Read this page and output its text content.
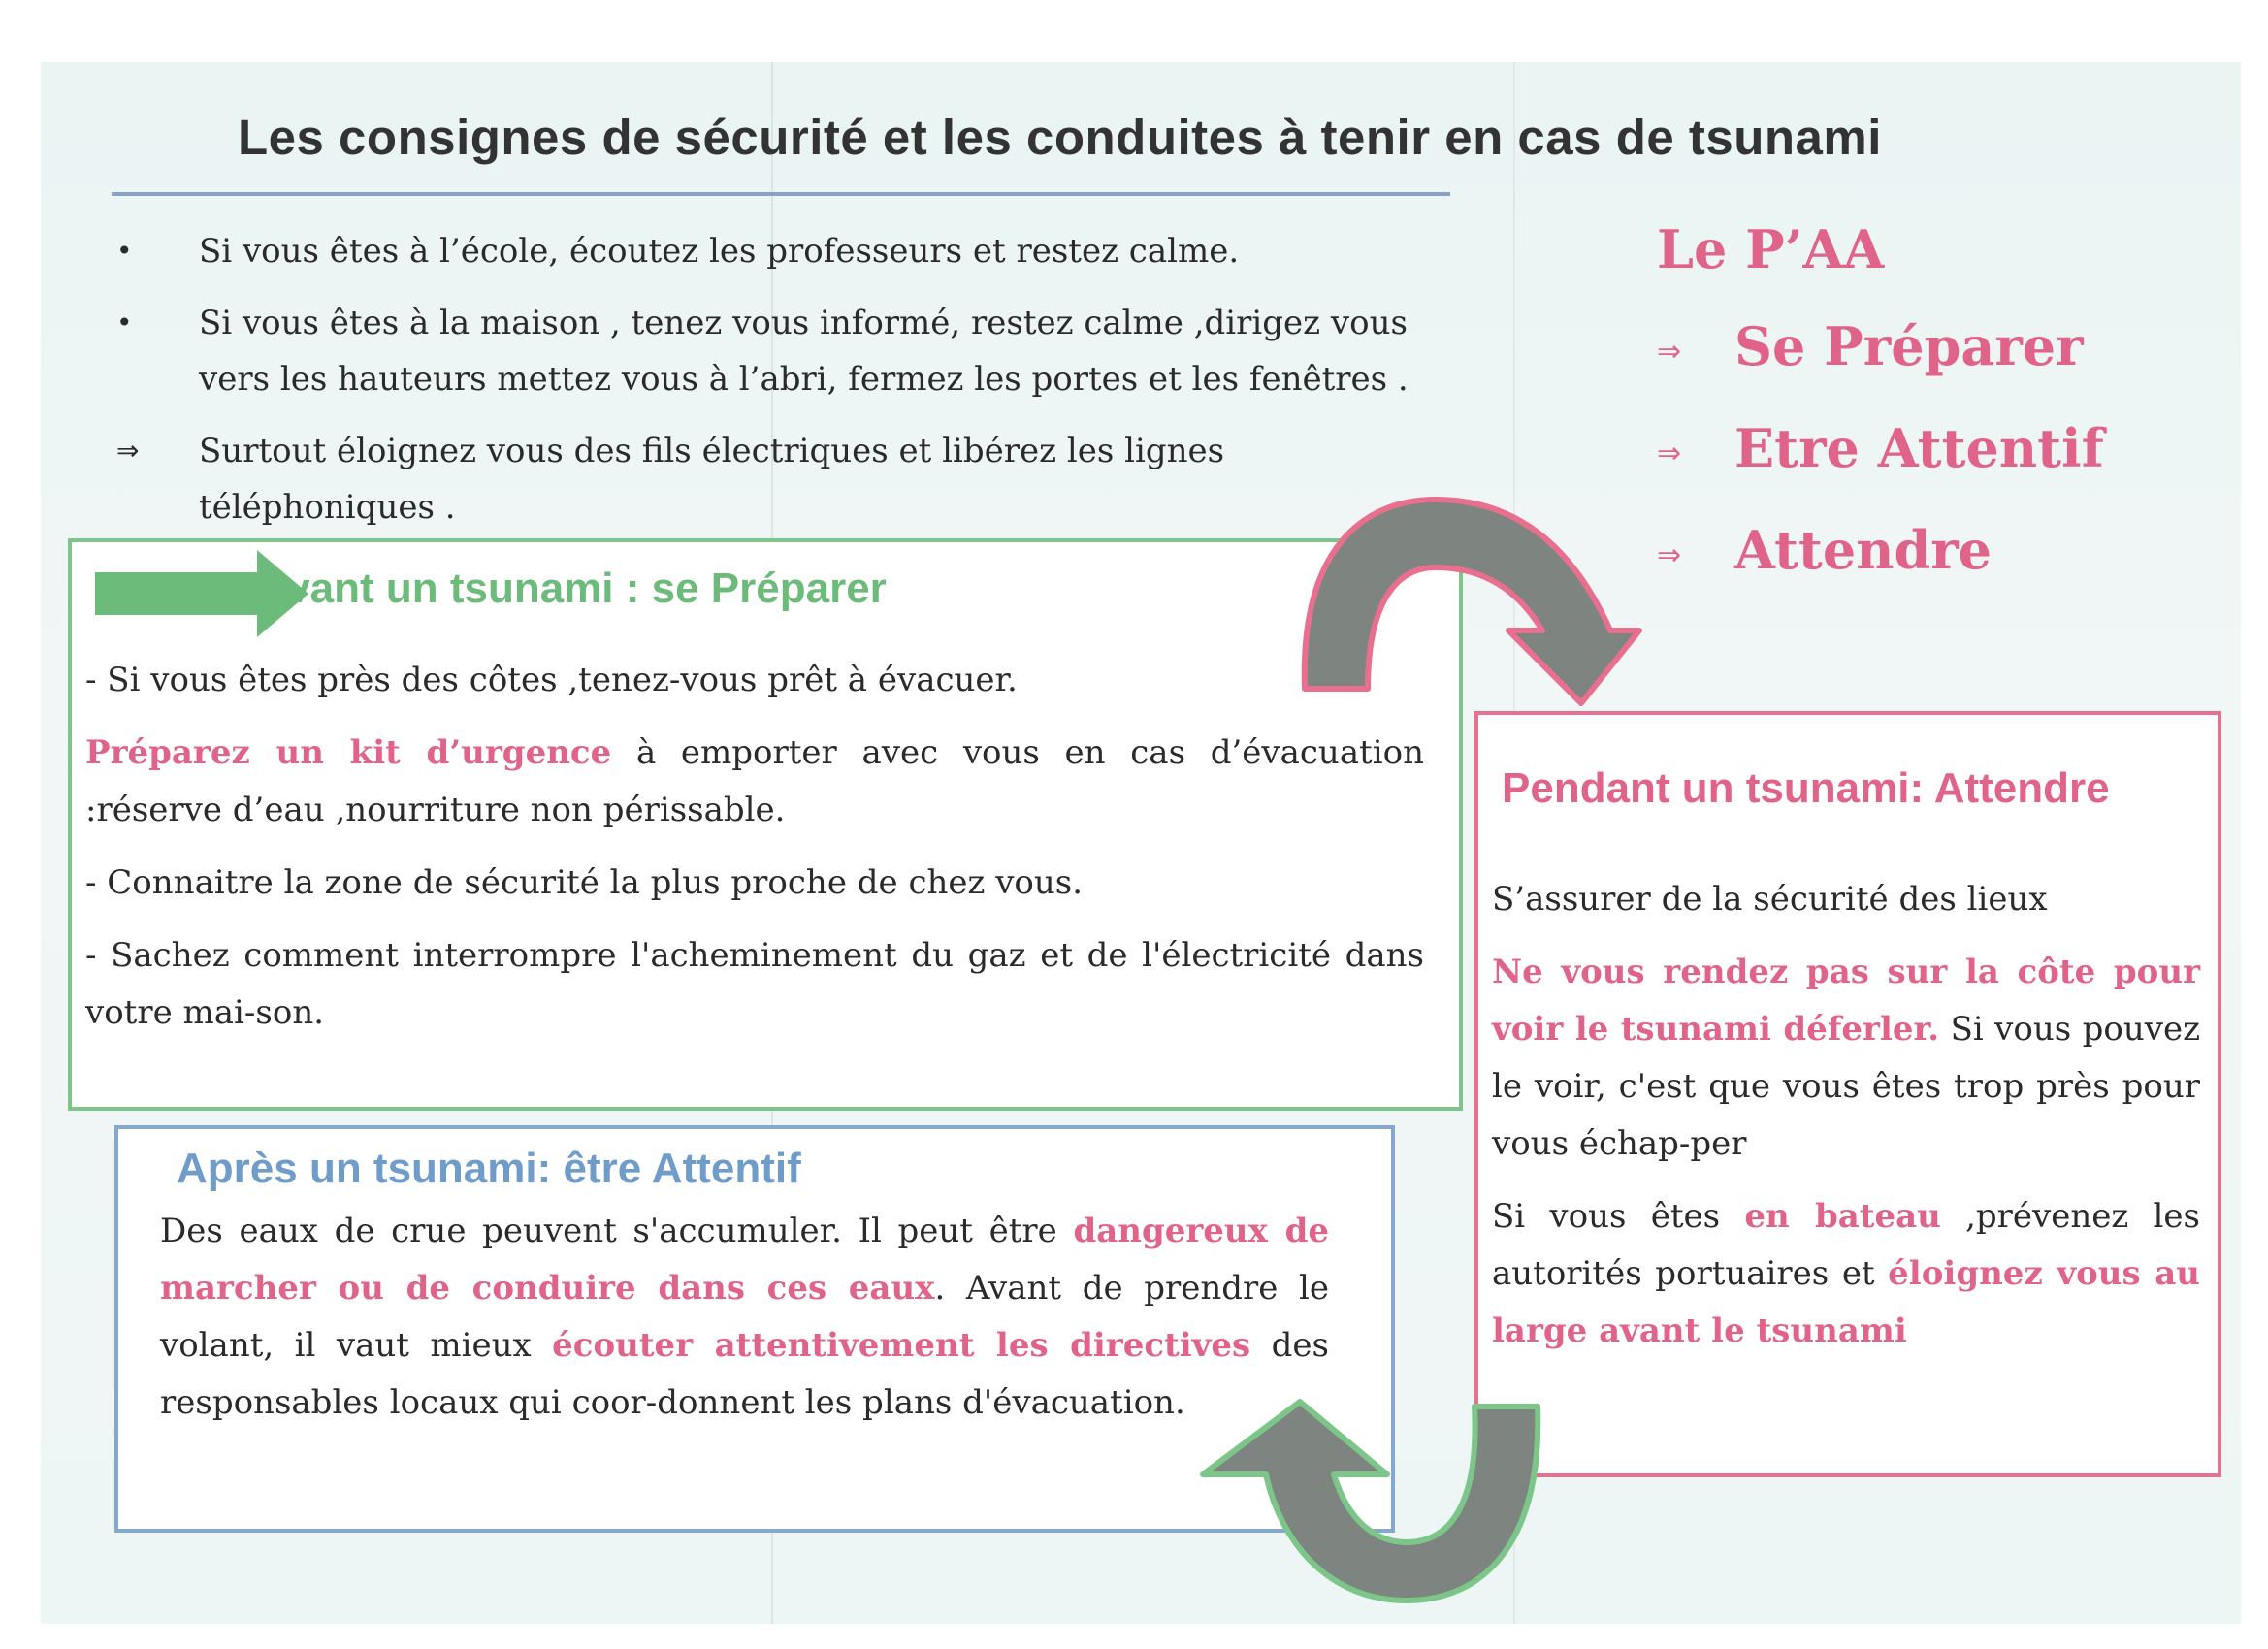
Les consignes de sécurité et les conduites à tenir en cas de tsunami
•	Si vous êtes à l’école, écoutez les professeurs et restez calme.
•	Si vous êtes à la maison , tenez vous informé, restez calme ,dirigez vous vers les hauteurs mettez vous à l’abri, fermez les portes et les fenêtres .
⇒	Surtout éloignez vous des fils électriques et libérez les lignes téléphoniques .
Le P’AA
⇒ Se Préparer
⇒ Etre Attentif
⇒ Attendre
Avant un tsunami : se Préparer

- Si vous êtes près des côtes ,tenez-vous prêt à évacuer.

Préparez un kit d’urgence à emporter avec vous en cas d’évacuation :réserve d’eau ,nourriture non périssable.

- Connaitre la zone de sécurité la plus proche de chez vous.

- Sachez comment interrompre l'acheminement du gaz et de l'électricité dans votre mai-son.

Pendant un tsunami: Attendre

S’assurer de la sécurité des lieux

Ne vous rendez pas sur la côte pour voir le tsunami déferler. Si vous pouvez le voir, c'est que vous êtes trop près pour vous échap-per

Si vous êtes en bateau ,prévenez les autorités portuaires et éloignez vous au large avant le tsunami

Après un tsunami: être Attentif

Des eaux de crue peuvent s'accumuler. Il peut être dangereux de marcher ou de conduire dans ces eaux. Avant de prendre le volant, il vaut mieux écouter attentivement les directives des responsables locaux qui coor-donnent les plans d'évacuation.
